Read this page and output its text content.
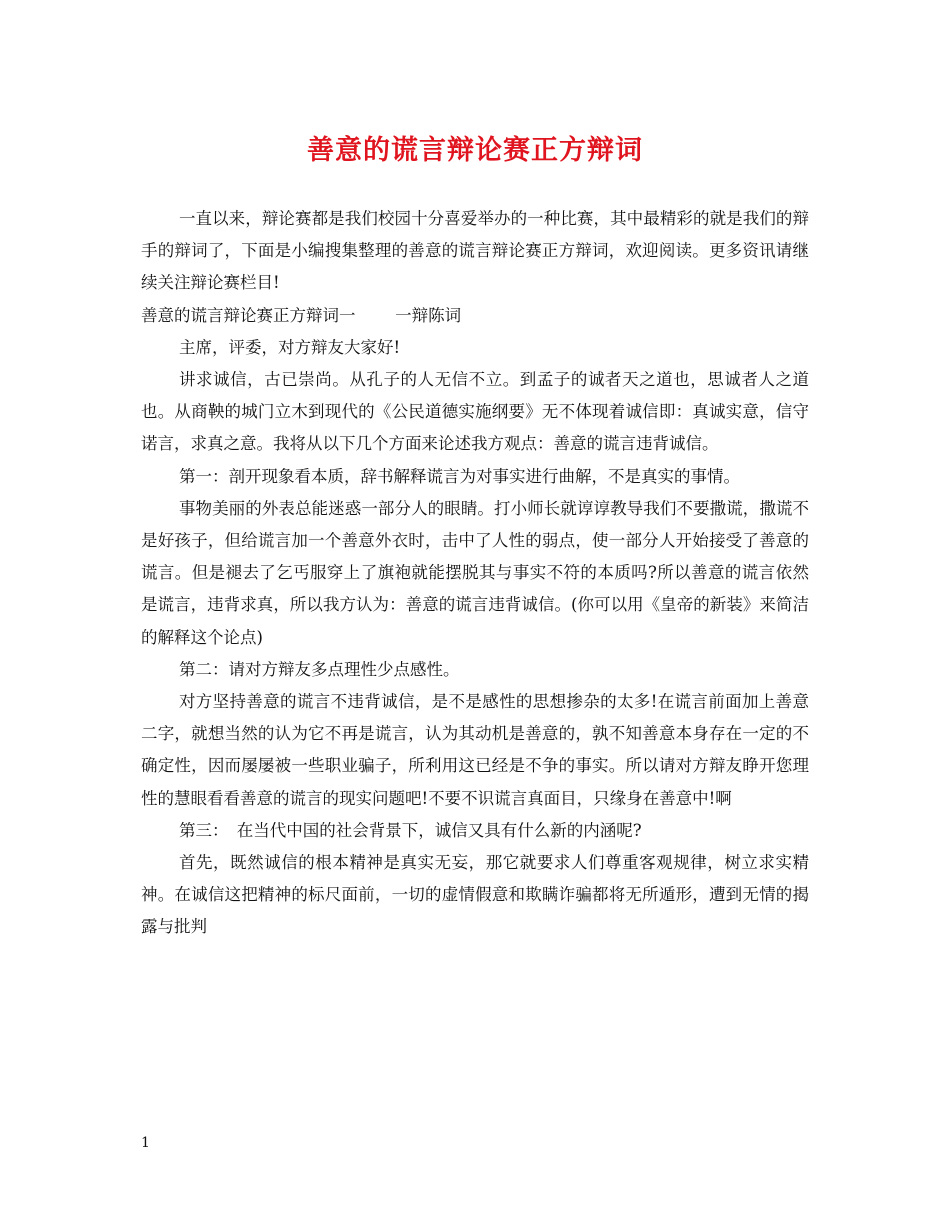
善意的谎言辩论赛正方辩词

一直以来，辩论赛都是我们校园十分喜爱举办的一种比赛，其中最精彩的就是我们的辩手的辩词了，下面是小编搜集整理的善意的谎言辩论赛正方辩词，欢迎阅读。更多资讯请继续关注辩论赛栏目!

善意的谎言辩论赛正方辩词一 一辩陈词

主席，评委，对方辩友大家好!

讲求诚信，古已崇尚。从孔子的人无信不立。到孟子的诚者天之道也，思诚者人之道也。从商鞅的城门立木到现代的《公民道德实施纲要》无不体现着诚信即：真诚实意，信守诺言，求真之意。我将从以下几个方面来论述我方观点：善意的谎言违背诚信。

第一：剖开现象看本质，辞书解释谎言为对事实进行曲解，不是真实的事情。

事物美丽的外表总能迷惑一部分人的眼睛。打小师长就谆谆教导我们不要撒谎，撒谎不是好孩子，但给谎言加一个善意外衣时，击中了人性的弱点，使一部分人开始接受了善意的谎言。但是褪去了乞丐服穿上了旗袍就能摆脱其与事实不符的本质吗?所以善意的谎言依然是谎言，违背求真，所以我方认为：善意的谎言违背诚信。(你可以用《皇帝的新装》来简洁的解释这个论点)

第二：请对方辩友多点理性少点感性。

对方坚持善意的谎言不违背诚信，是不是感性的思想掺杂的太多!在谎言前面加上善意二字，就想当然的认为它不再是谎言，认为其动机是善意的，孰不知善意本身存在一定的不确定性，因而屡屡被一些职业骗子，所利用这已经是不争的事实。所以请对方辩友睁开您理性的慧眼看看善意的谎言的现实问题吧!不要不识谎言真面目，只缘身在善意中!啊

第三：　在当代中国的社会背景下，诚信又具有什么新的内涵呢?

首先，既然诚信的根本精神是真实无妄，那它就要求人们尊重客观规律，树立求实精神。在诚信这把精神的标尺面前，一切的虚情假意和欺瞒诈骗都将无所遁形，遭到无情的揭露与批判

1
